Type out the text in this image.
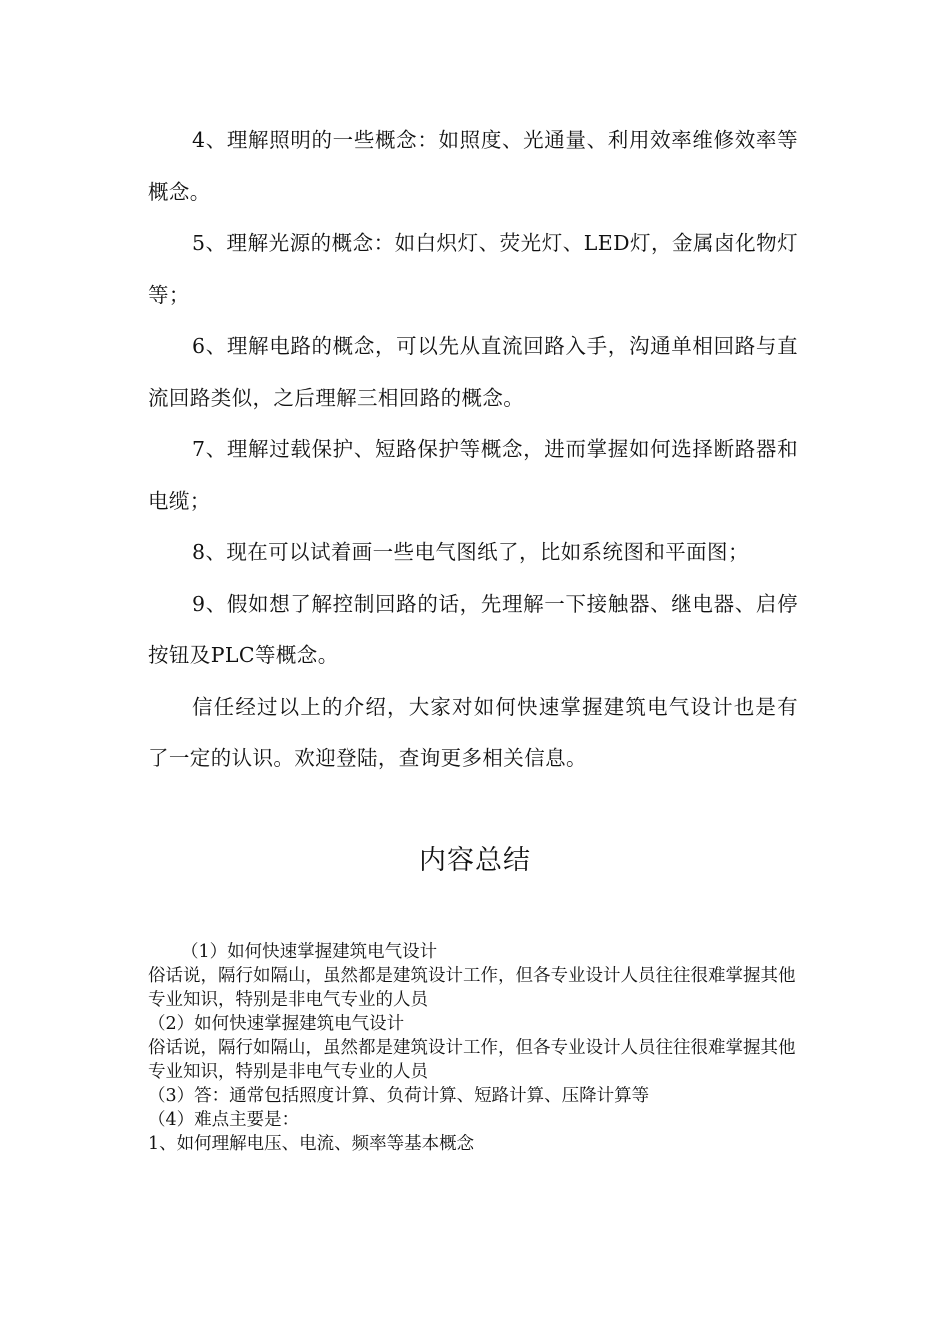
4、理解照明的一些概念：如照度、光通量、利用效率维修效率等概念。

5、理解光源的概念：如白炽灯、荧光灯、LED灯，金属卤化物灯等；

6、理解电路的概念，可以先从直流回路入手，沟通单相回路与直流回路类似，之后理解三相回路的概念。

7、理解过载保护、短路保护等概念，进而掌握如何选择断路器和电缆；

8、现在可以试着画一些电气图纸了，比如系统图和平面图；

9、假如想了解控制回路的话，先理解一下接触器、继电器、启停按钮及PLC等概念。

信任经过以上的介绍，大家对如何快速掌握建筑电气设计也是有了一定的认识。欢迎登陆，查询更多相关信息。

内容总结

（1）如何快速掌握建筑电气设计

俗话说，隔行如隔山，虽然都是建筑设计工作，但各专业设计人员往往很难掌握其他专业知识，特别是非电气专业的人员

（2）如何快速掌握建筑电气设计

俗话说，隔行如隔山，虽然都是建筑设计工作，但各专业设计人员往往很难掌握其他专业知识，特别是非电气专业的人员

（3）答：通常包括照度计算、负荷计算、短路计算、压降计算等

（4）难点主要是：

1、如何理解电压、电流、频率等基本概念
